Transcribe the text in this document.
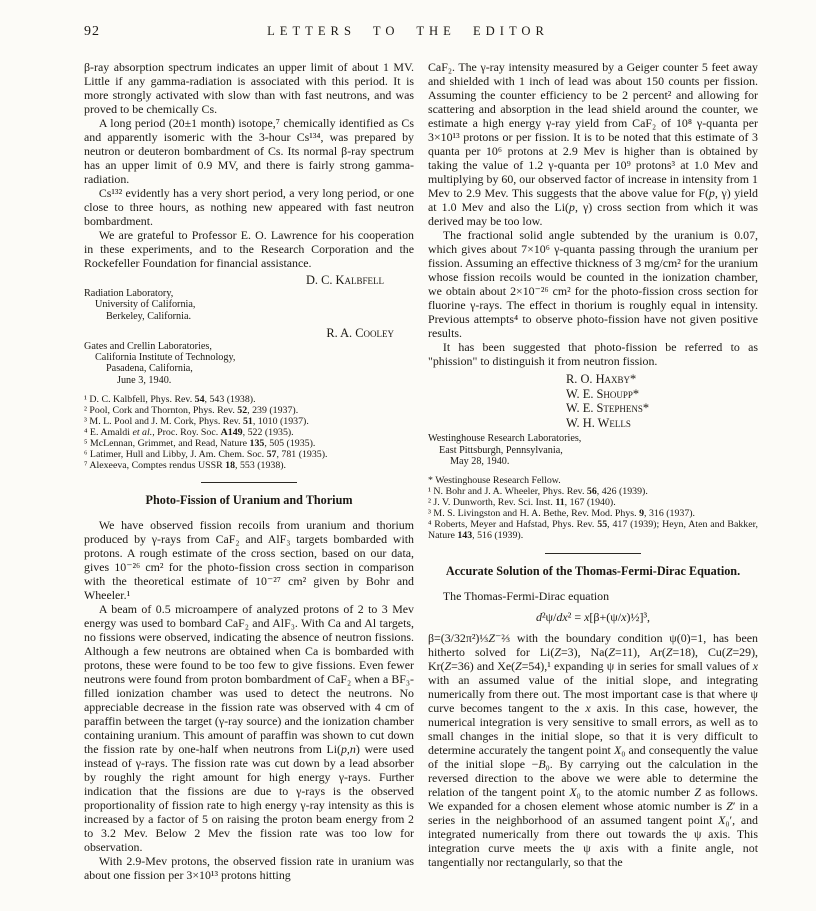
92	LETTERS TO THE EDITOR
β-ray absorption spectrum indicates an upper limit of about 1 MV. Little if any gamma-radiation is associated with this period. It is more strongly activated with slow than with fast neutrons, and was proved to be chemically Cs.
A long period (20±1 month) isotope,⁷ chemically identified as Cs and apparently isomeric with the 3-hour Cs¹³⁴, was prepared by neutron or deuteron bombardment of Cs. Its normal β-ray spectrum has an upper limit of 0.9 MV, and there is fairly strong gamma-radiation.
Cs¹³² evidently has a very short period, a very long period, or one close to three hours, as nothing new appeared with fast neutron bombardment.
We are grateful to Professor E. O. Lawrence for his cooperation in these experiments, and to the Research Corporation and the Rockefeller Foundation for financial assistance.
D. C. Kalbfell
Radiation Laboratory,
University of California,
Berkeley, California.
R. A. Cooley
Gates and Crellin Laboratories,
California Institute of Technology,
Pasadena, California,
June 3, 1940.
¹ D. C. Kalbfell, Phys. Rev. 54, 543 (1938).
² Pool, Cork and Thornton, Phys. Rev. 52, 239 (1937).
³ M. L. Pool and J. M. Cork, Phys. Rev. 51, 1010 (1937).
⁴ E. Amaldi et al., Proc. Roy. Soc. A149, 522 (1935).
⁵ McLennan, Grimmet, and Read, Nature 135, 505 (1935).
⁶ Latimer, Hull and Libby, J. Am. Chem. Soc. 57, 781 (1935).
⁷ Alexeeva, Comptes rendus USSR 18, 553 (1938).
Photo-Fission of Uranium and Thorium
We have observed fission recoils from uranium and thorium produced by γ-rays from CaF₂ and AlF₃ targets bombarded with protons. A rough estimate of the cross section, based on our data, gives 10⁻²⁶ cm² for the photo-fission cross section in comparison with the theoretical estimate of 10⁻²⁷ cm² given by Bohr and Wheeler.¹
A beam of 0.5 microampere of analyzed protons of 2 to 3 Mev energy was used to bombard CaF₂ and AlF₃. With Ca and Al targets, no fissions were observed, indicating the absence of neutron fissions. Although a few neutrons are obtained when Ca is bombarded with protons, these were found to be too few to give fissions. Even fewer neutrons were found from proton bombardment of CaF₂ when a BF₃-filled ionization chamber was used to detect the neutrons. No appreciable decrease in the fission rate was observed with 4 cm of paraffin between the target (γ-ray source) and the ionization chamber containing uranium. This amount of paraffin was shown to cut down the fission rate by one-half when neutrons from Li(p,n) were used instead of γ-rays. The fission rate was cut down by a lead absorber by roughly the right amount for high energy γ-rays. Further indication that the fissions are due to γ-rays is the observed proportionality of fission rate to high energy γ-ray intensity as this is increased by a factor of 5 on raising the proton beam energy from 2 to 3.2 Mev. Below 2 Mev the fission rate was too low for observation.
With 2.9-Mev protons, the observed fission rate in uranium was about one fission per 3×10¹³ protons hitting
CaF₂. The γ-ray intensity measured by a Geiger counter 5 feet away and shielded with 1 inch of lead was about 150 counts per fission. Assuming the counter efficiency to be 2 percent² and allowing for scattering and absorption in the lead shield around the counter, we estimate a high energy γ-ray yield from CaF₂ of 10⁸ γ-quanta per 3×10¹³ protons or per fission. It is to be noted that this estimate of 3 quanta per 10⁶ protons at 2.9 Mev is higher than is obtained by taking the value of 1.2 γ-quanta per 10⁹ protons³ at 1.0 Mev and multiplying by 60, our observed factor of increase in intensity from 1 Mev to 2.9 Mev. This suggests that the above value for F(p, γ) yield at 1.0 Mev and also the Li(p, γ) cross section from which it was derived may be too low.
The fractional solid angle subtended by the uranium is 0.07, which gives about 7×10⁶ γ-quanta passing through the uranium per fission. Assuming an effective thickness of 3 mg/cm² for the uranium whose fission recoils would be counted in the ionization chamber, we obtain about 2×10⁻²⁶ cm² for the photo-fission cross section for fluorine γ-rays. The effect in thorium is roughly equal in intensity. Previous attempts⁴ to observe photo-fission have not given positive results.
It has been suggested that photo-fission be referred to as "phission" to distinguish it from neutron fission.
R. O. Haxby*
W. E. Shoupp*
W. E. Stephens*
W. H. Wells
Westinghouse Research Laboratories,
East Pittsburgh, Pennsylvania,
May 28, 1940.
* Westinghouse Research Fellow.
¹ N. Bohr and J. A. Wheeler, Phys. Rev. 56, 426 (1939).
² J. V. Dunworth, Rev. Sci. Inst. 11, 167 (1940).
³ M. S. Livingston and H. A. Bethe, Rev. Mod. Phys. 9, 316 (1937).
⁴ Roberts, Meyer and Hafstad, Phys. Rev. 55, 417 (1939); Heyn, Aten and Bakker, Nature 143, 516 (1939).
Accurate Solution of the Thomas-Fermi-Dirac Equation.

The Thomas-Fermi-Dirac equation

d²ψ/dx² = x[β+(ψ/x)½]³,
β=(3/32π²)⅓Z⁻⅔ with the boundary condition ψ(0)=1, has been hitherto solved for Li(Z=3), Na(Z=11), Ar(Z=18), Cu(Z=29), Kr(Z=36) and Xe(Z=54),¹ expanding ψ in series for small values of x with an assumed value of the initial slope, and integrating numerically from there out. The most important case is that where ψ curve becomes tangent to the x axis. In this case, however, the numerical integration is very sensitive to small errors, as well as to small changes in the initial slope, so that it is very difficult to determine accurately the tangent point X₀ and consequently the value of the initial slope −B₀. By carrying out the calculation in the reversed direction to the above we were able to determine the relation of the tangent point X₀ to the atomic number Z as follows. We expanded for a chosen element whose atomic number is Z′ in a series in the neighborhood of an assumed tangent point X₀′, and integrated numerically from there out towards the ψ axis. This integration curve meets the ψ axis with a finite angle, not tangentially nor rectangularly, so that the
